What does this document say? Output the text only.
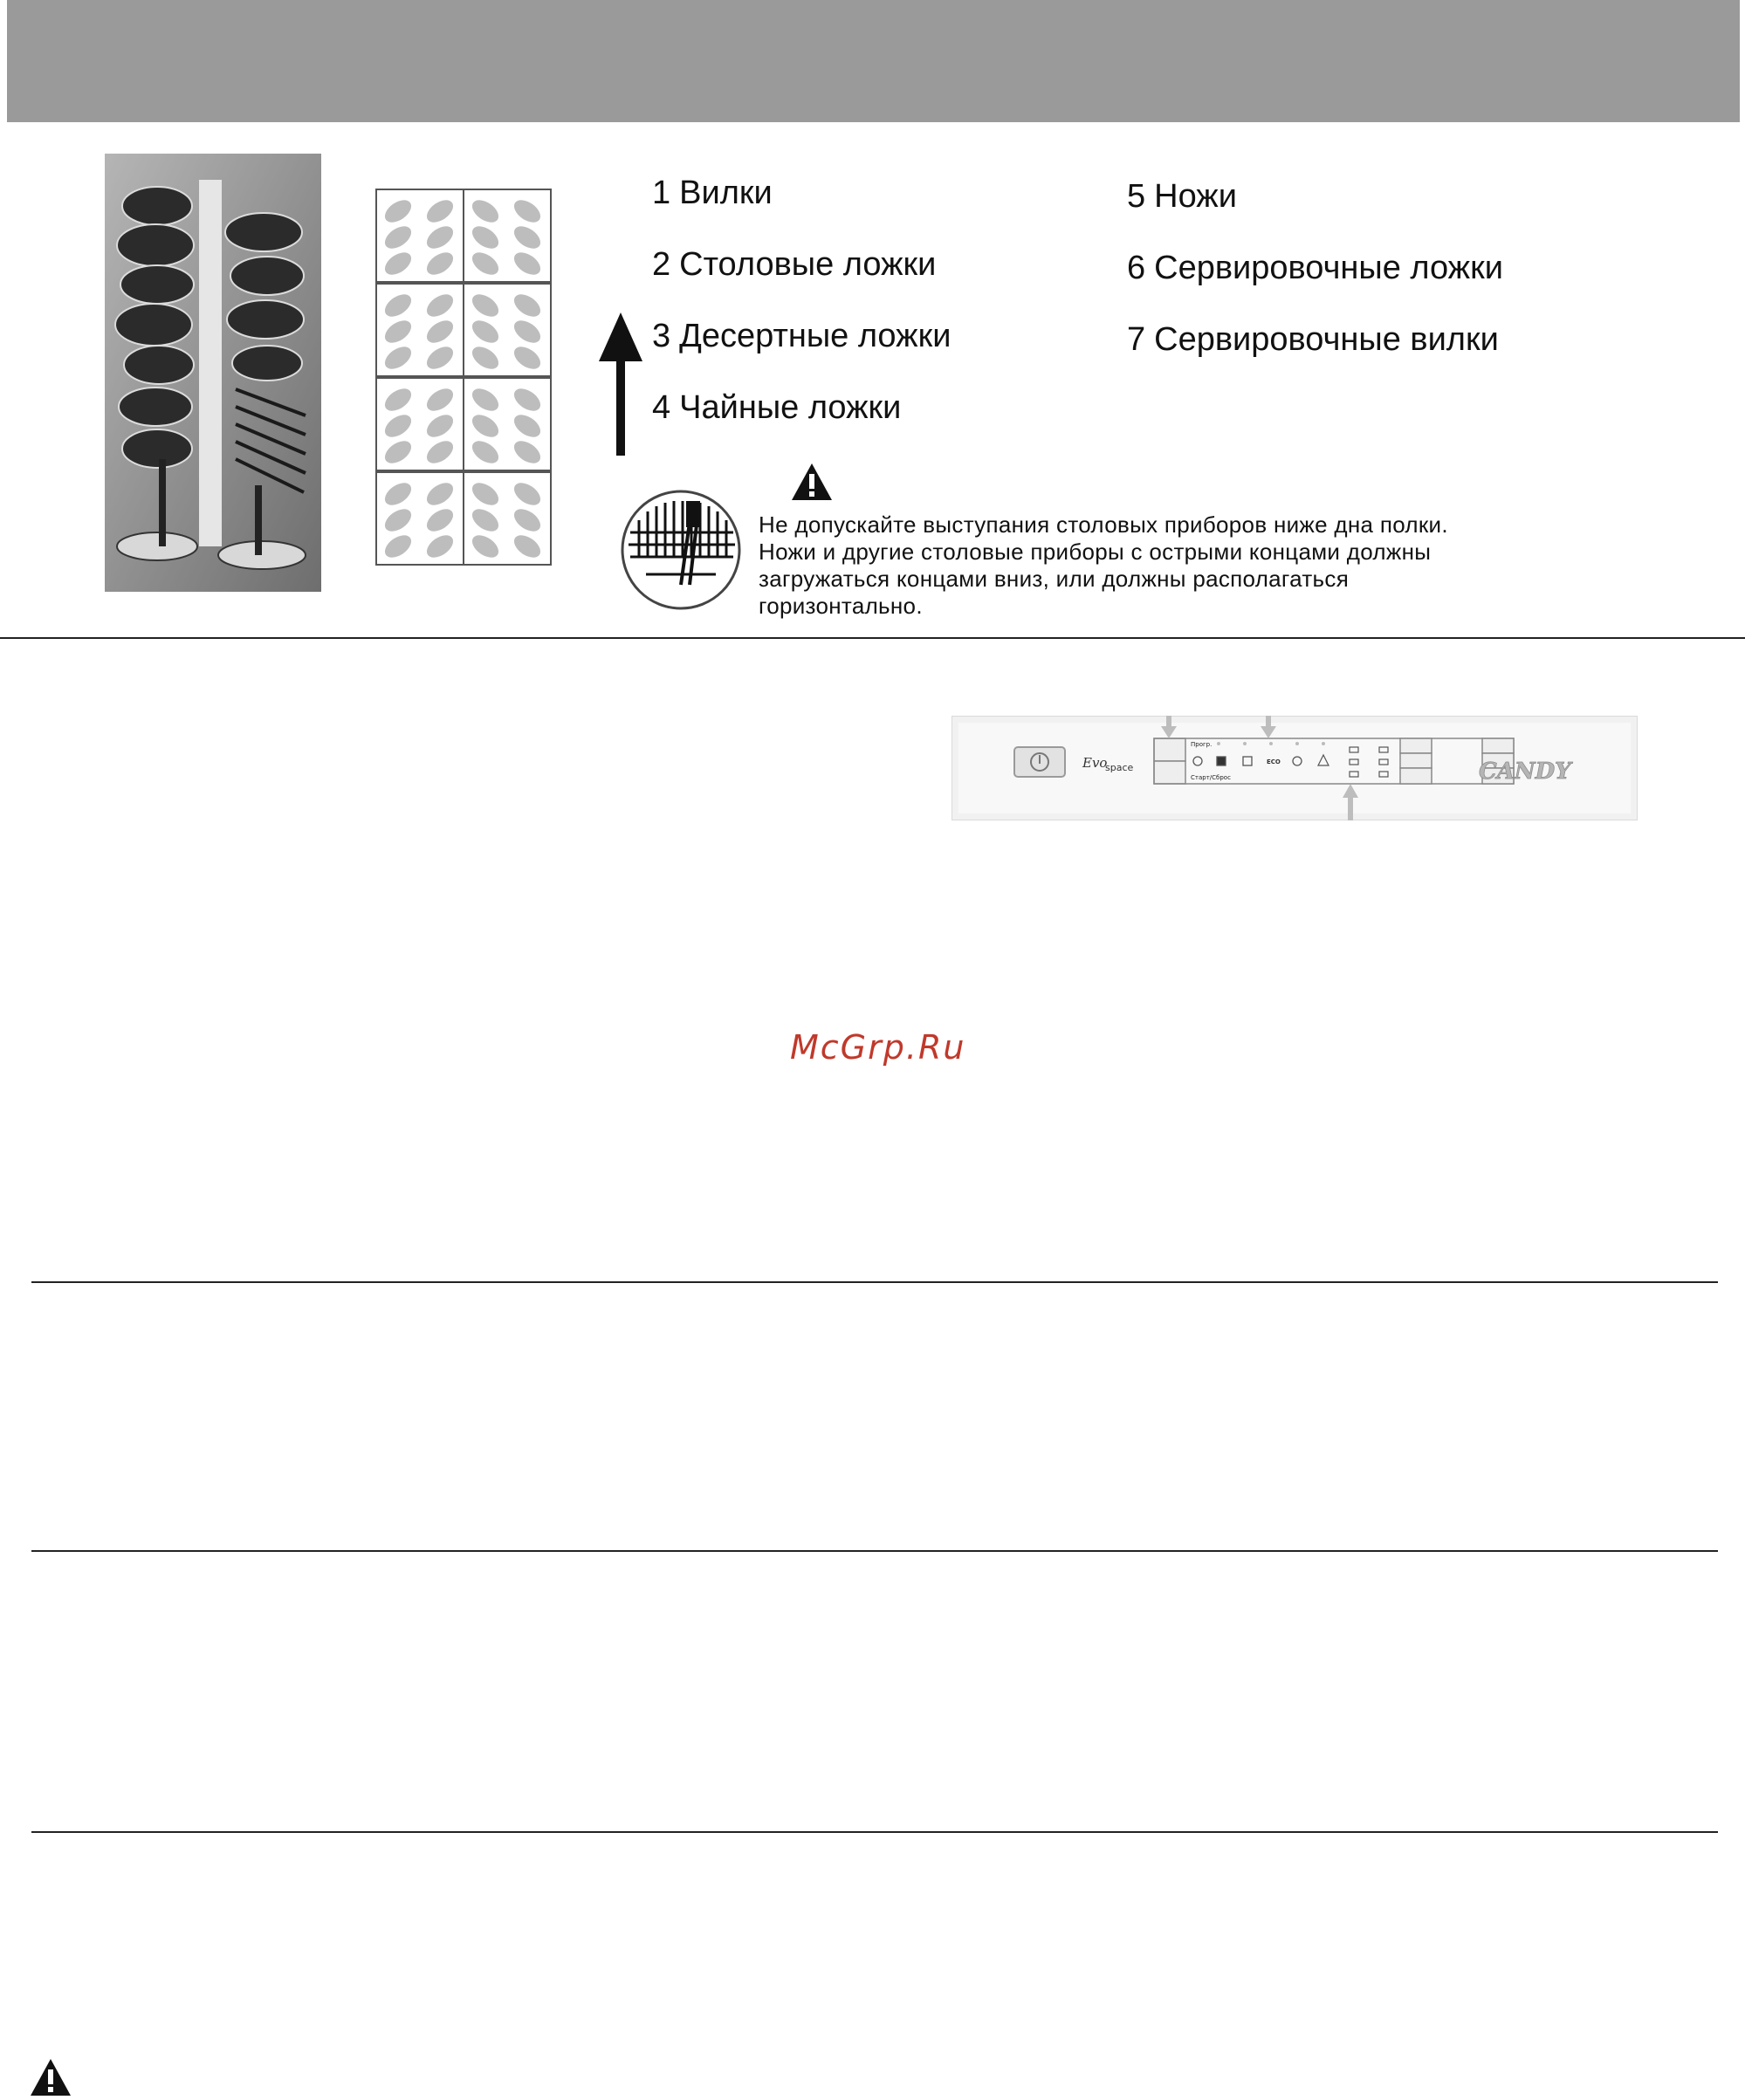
1 Вилки
2 Столовые ложки
3 Десертные ложки
4 Чайные ложки
5 Ножи
6 Сервировочные ложки
7 Сервировочные вилки

Не допускайте выступания столовых приборов ниже дна полки.

Ножи и другие столовые приборы с острыми концами должны

загружаться концами вниз, или должны располагаться

горизонтально.

Evo
space
Прогр.
Старт/Сброс
ECO	CANDY
McGrp.Ru
